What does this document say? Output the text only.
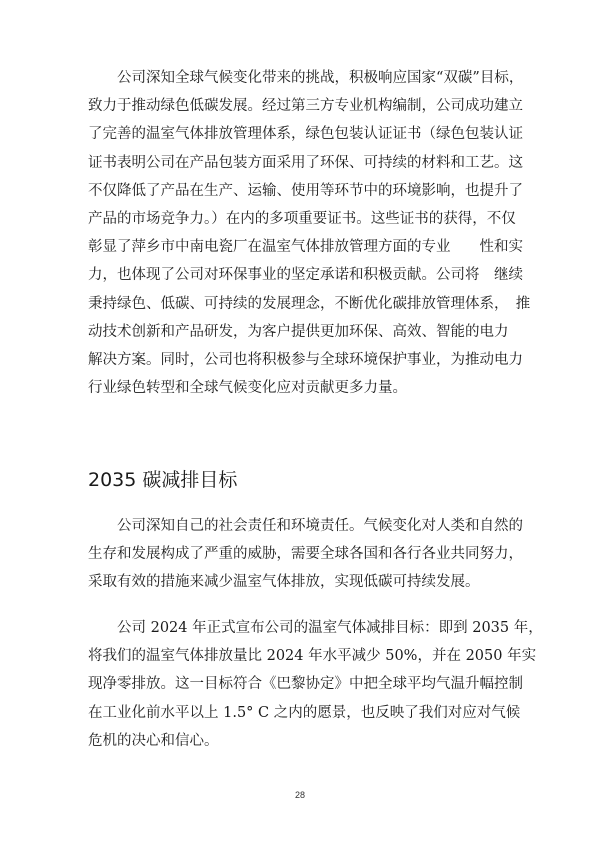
公司深知全球气候变化带来的挑战，积极响应国家“双碳”目标，
致力于推动绿色低碳发展。经过第三方专业机构编制，公司成功建立
了完善的温室气体排放管理体系，绿色包装认证证书（绿色包装认证
证书表明公司在产品包装方面采用了环保、可持续的材料和工艺。这
不仅降低了产品在生产、运输、使用等环节中的环境影响，也提升了
产品的市场竞争力。）在内的多项重要证书。这些证书的获得，不仅
彰显了萍乡市中南电瓷厂在温室气体排放管理方面的专业　　性和实
力，也体现了公司对环保事业的坚定承诺和积极贡献。公司将　继续
秉持绿色、低碳、可持续的发展理念，不断优化碳排放管理体系，　推
动技术创新和产品研发，为客户提供更加环保、高效、智能的电力
解决方案。同时，公司也将积极参与全球环境保护事业，为推动电力
行业绿色转型和全球气候变化应对贡献更多力量。
2035 碳减排目标
公司深知自己的社会责任和环境责任。气候变化对人类和自然的
生存和发展构成了严重的威胁，需要全球各国和各行各业共同努力，
采取有效的措施来减少温室气体排放，实现低碳可持续发展。
公司 2024 年正式宣布公司的温室气体减排目标：即到 2035 年，
将我们的温室气体排放量比 2024 年水平减少 50%，并在 2050 年实
现净零排放。这一目标符合《巴黎协定》中把全球平均气温升幅控制
在工业化前水平以上 1.5° C 之内的愿景，也反映了我们对应对气候
危机的决心和信心。
28
